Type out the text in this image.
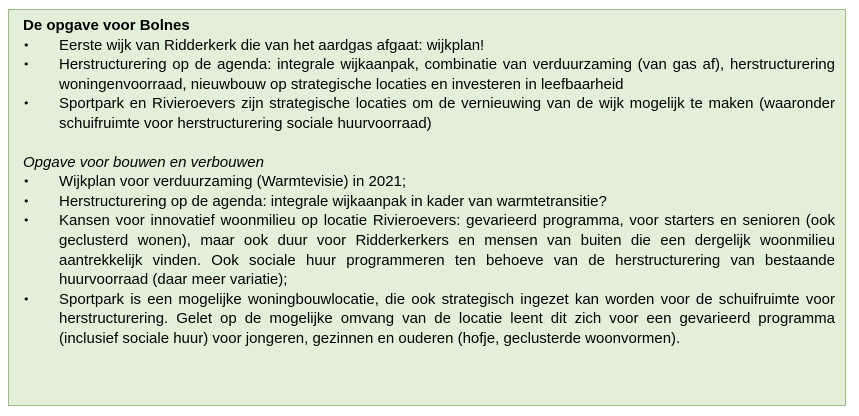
De opgave voor Bolnes

•	Eerste wijk van Ridderkerk die van het aardgas afgaat: wijkplan!
•	Herstructurering op de agenda: integrale wijkaanpak, combinatie van verduurzaming (van gas af), herstructurering woningenvoorraad, nieuwbouw op strategische locaties en investeren in leefbaarheid
•	Sportpark en Rivieroevers zijn strategische locaties om de vernieuwing van de wijk mogelijk te maken (waaronder schuifruimte voor herstructurering sociale huurvoorraad)

Opgave voor bouwen en verbouwen

•	Wijkplan voor verduurzaming (Warmtevisie) in 2021;
•	Herstructurering op de agenda: integrale wijkaanpak in kader van warmtetransitie?
•	Kansen voor innovatief woonmilieu op locatie Rivieroevers: gevarieerd programma, voor starters en senioren (ook geclusterd wonen), maar ook duur voor Ridderkerkers en mensen van buiten die een dergelijk woonmilieu aantrekkelijk vinden. Ook sociale huur programmeren ten behoeve van de herstructurering van bestaande huurvoorraad (daar meer variatie);
•	Sportpark is een mogelijke woningbouwlocatie, die ook strategisch ingezet kan worden voor de schuifruimte voor herstructurering. Gelet op de mogelijke omvang van de locatie leent dit zich voor een gevarieerd programma (inclusief sociale huur) voor jongeren, gezinnen en ouderen (hofje, geclusterde woonvormen).
